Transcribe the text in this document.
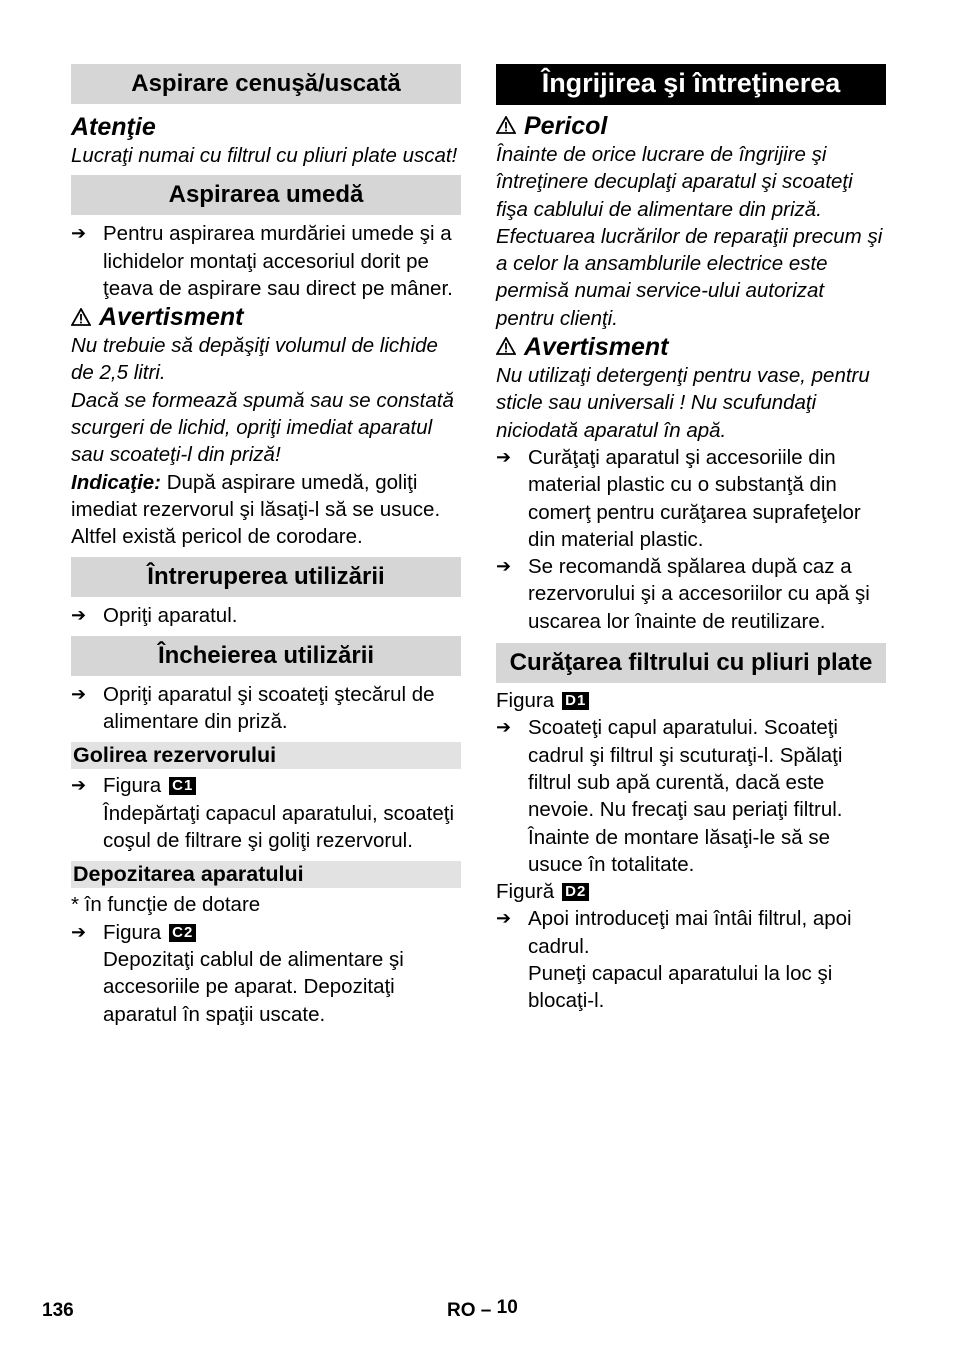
Aspirare cenuşă/uscată
Atenţie

Lucraţi numai cu filtrul cu pliuri plate uscat!

Aspirarea umedă
➔ Pentru aspirarea murdăriei umede şi a lichidelor montaţi accesoriul dorit pe ţeava de aspirare sau direct pe mâner.

Avertisment

Nu trebuie să depăşiţi volumul de lichide de 2,5 litri.

Dacă se formează spumă sau se constată scurgeri de lichid, opriţi imediat aparatul sau scoateţi-l din priză!

Indicaţie: După aspirare umedă, goliţi imediat rezervorul şi lăsaţi-l să se usuce. Altfel există pericol de corodare.

Întreruperea utilizării
➔ Opriţi aparatul.

Încheierea utilizării
➔ Opriţi aparatul şi scoateţi ştecărul de alimentare din priză.

Golirea rezervorului
➔ Figura C1

Îndepărtaţi capacul aparatului, scoateţi coşul de filtrare şi goliţi rezervorul.

Depozitarea aparatului

* în funcţie de dotare

➔ Figura C2

Depozitaţi cablul de alimentare şi accesoriile pe aparat. Depozitaţi aparatul în spaţii uscate.

Îngrijirea şi întreţinerea
Pericol

Înainte de orice lucrare de îngrijire şi întreţinere decuplaţi aparatul şi scoateţi fişa cablului de alimentare din priză.

Efectuarea lucrărilor de reparaţii precum şi a celor la ansamblurile electrice este permisă numai service-ului autorizat pentru clienţi.

Avertisment

Nu utilizaţi detergenţi pentru vase, pentru sticle sau universali ! Nu scufundaţi niciodată aparatul în apă.

➔ Curăţaţi aparatul şi accesoriile din material plastic cu o substanţă din comerţ pentru curăţarea suprafeţelor din material plastic.

➔ Se recomandă spălarea după caz a rezervorului şi a accesoriilor cu apă şi uscarea lor înainte de reutilizare.

Curăţarea filtrului cu pliuri plate

Figura D1

➔ Scoateţi capul aparatului. Scoateţi cadrul şi filtrul şi scuturaţi-l. Spălaţi filtrul sub apă curentă, dacă este nevoie. Nu frecaţi sau periaţi filtrul. Înainte de montare lăsaţi-le să se usuce în totalitate.

Figură D2

➔ Apoi introduceţi mai întâi filtrul, apoi cadrul.

Puneţi capacul aparatului la loc şi blocaţi-l.

136	RO – 10
